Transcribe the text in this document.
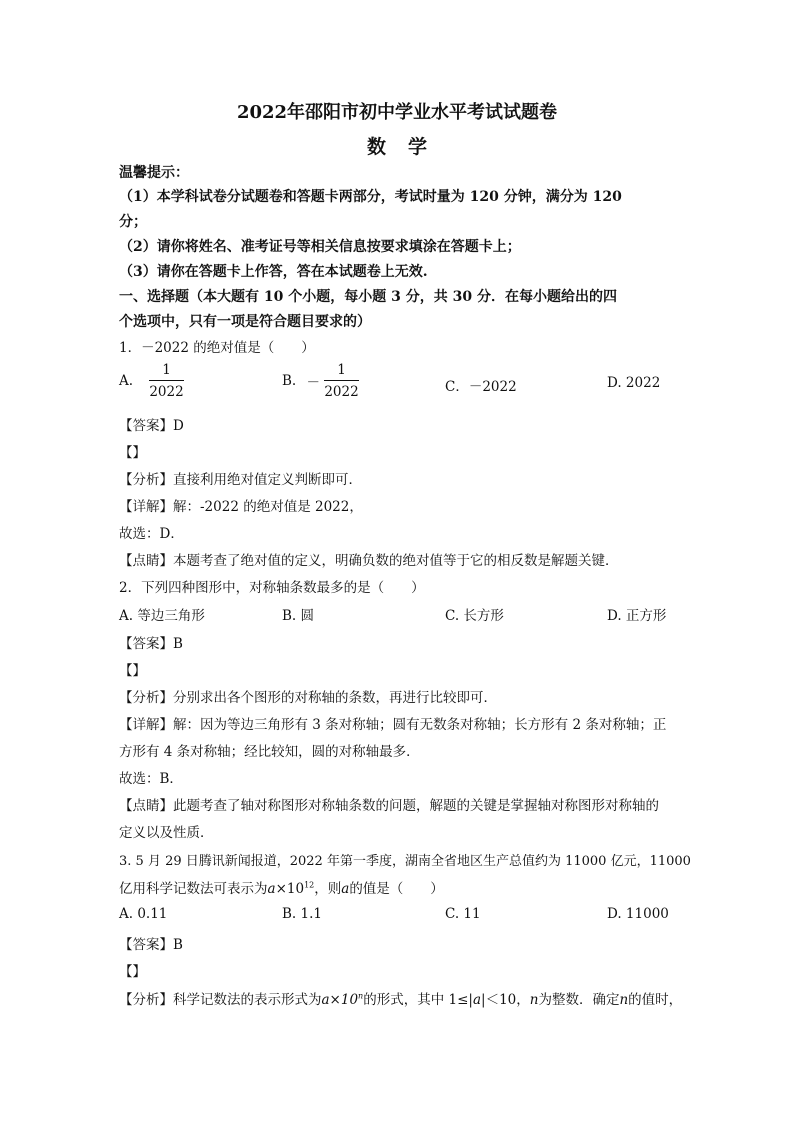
2022年邵阳市初中学业水平考试试题卷
数学
温馨提示：
（1）本学科试卷分试题卷和答题卡两部分，考试时量为 120 分钟，满分为 120
分；
（2）请你将姓名、准考证号等相关信息按要求填涂在答题卡上；
（3）请你在答题卡上作答，答在本试题卷上无效.
一、选择题（本大题有 10 个小题，每小题 3 分，共 30 分．在每小题给出的四
个选项中，只有一项是符合题目要求的）
1．－2022 的绝对值是（　　）
A. $\frac{1}{2022}$	B. － $\frac{1}{2022}$	C．－2022	D. 2022
【答案】D
【】
【分析】直接利用绝对值定义判断即可．
【详解】解：-2022 的绝对值是 2022，
故选：D．
【点睛】本题考查了绝对值的定义，明确负数的绝对值等于它的相反数是解题关键．
2．下列四种图形中，对称轴条数最多的是（　　）
A. 等边三角形	B. 圆	C. 长方形	D. 正方形
【答案】B
【】
【分析】分别求出各个图形的对称轴的条数，再进行比较即可．
【详解】解：因为等边三角形有 3 条对称轴；圆有无数条对称轴；长方形有 2 条对称轴；正
方形有 4 条对称轴；经比较知，圆的对称轴最多．
故选：B．
【点睛】此题考查了轴对称图形对称轴条数的问题，解题的关键是掌握轴对称图形对称轴的
定义以及性质．
3. 5 月 29 日腾讯新闻报道，2022 年第一季度，湖南全省地区生产总值约为 11000 亿元，11000
亿用科学记数法可表示为$a\times 10^{12}$，则a的值是（　　）
A. 0.11	B. 1.1	C. 11	D. 11000
【答案】B
【】
【分析】科学记数法的表示形式为$a\times 10^n$的形式，其中 1≤|a|＜10，n为整数．确定n的值时，
